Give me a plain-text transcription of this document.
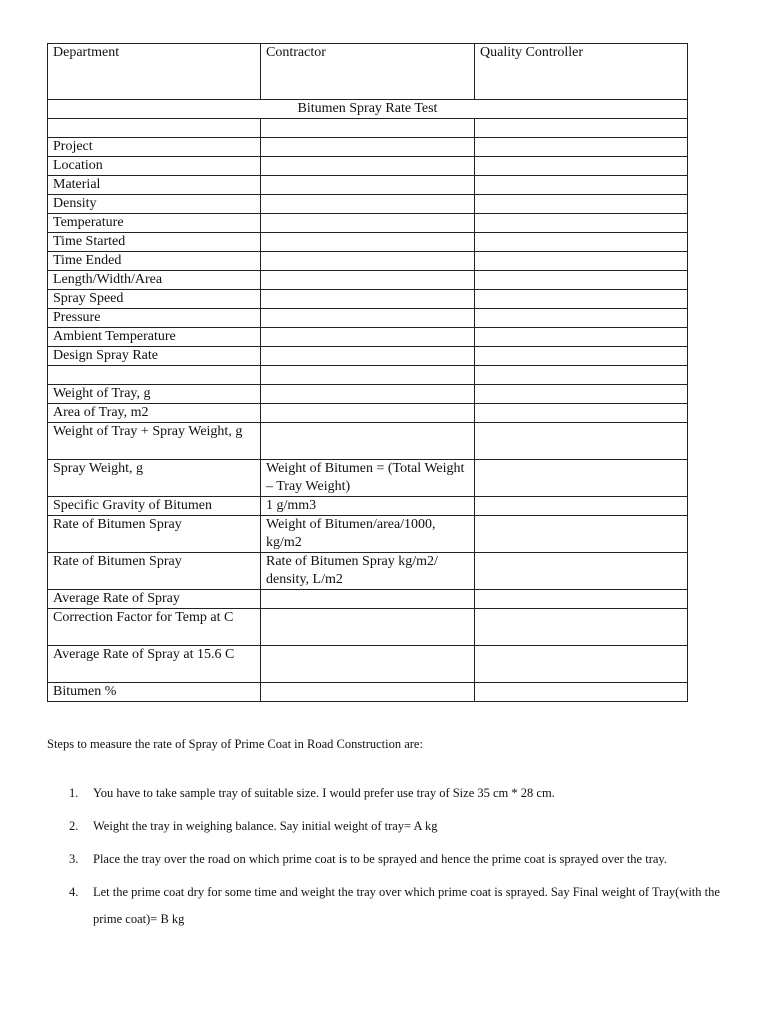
Department	Contractor	Quality Controller
Bitumen Spray Rate Test		

Project		
Location		
Material		
Density		
Temperature		
Time Started		
Time Ended		
Length/Width/Area		
Spray Speed		
Pressure		
Ambient Temperature		
Design Spray Rate		

Weight of Tray, g		
Area of Tray, m2		
Weight of Tray + Spray Weight, g		
Spray Weight, g	Weight of Bitumen = (Total Weight – Tray Weight)	
Specific Gravity of Bitumen	1 g/mm3	
Rate of Bitumen Spray	Weight of Bitumen/area/1000, kg/m2	
Rate of Bitumen Spray	Rate of Bitumen Spray kg/m2/ density, L/m2	
Average Rate of Spray		
Correction Factor for Temp at C		
Average Rate of Spray at 15.6 C		
Bitumen %		

Steps to measure the rate of Spray of Prime Coat in Road Construction are:

1.	You have to take sample tray of suitable size. I would prefer use tray of Size 35 cm * 28 cm.
2.	Weight the tray in weighing balance. Say initial weight of tray= A kg
3.	Place the tray over the road on which prime coat is to be sprayed and hence the prime coat is sprayed over the tray.
4.	Let the prime coat dry for some time and weight the tray over which prime coat is sprayed. Say Final weight of Tray(with the prime coat)= B kg
